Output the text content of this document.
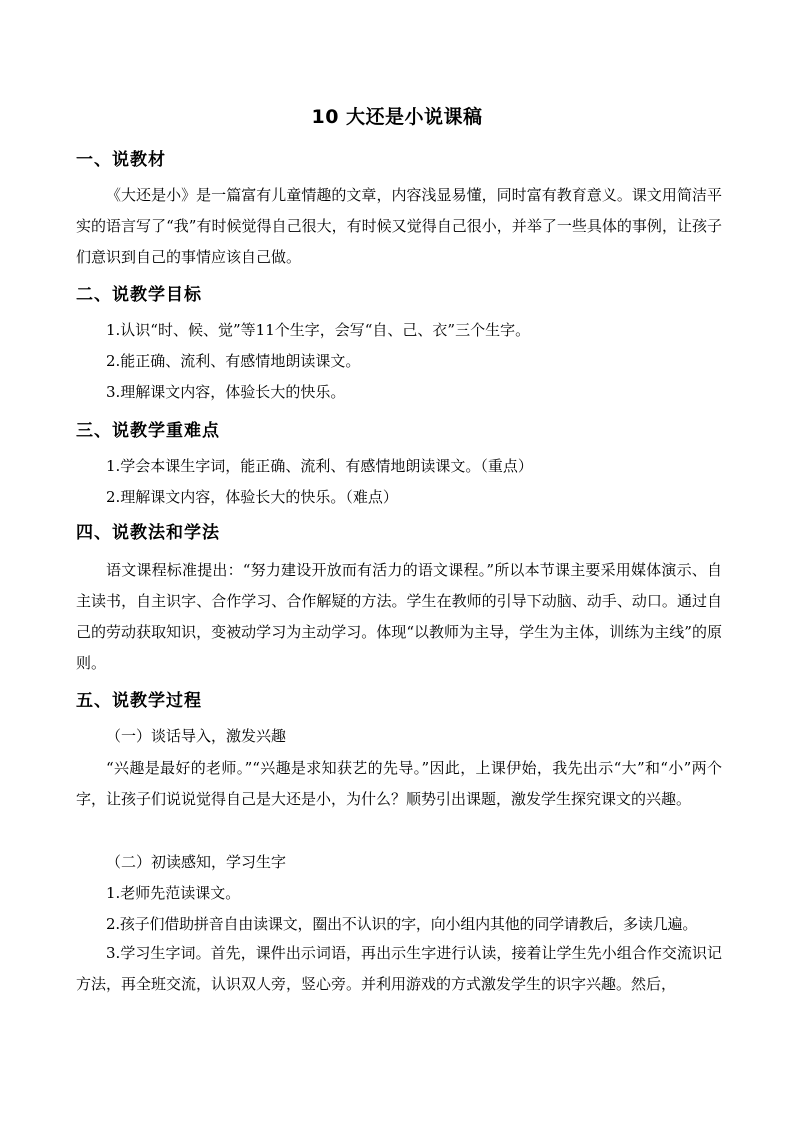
10 大还是小说课稿
一、说教材
《大还是小》是一篇富有儿童情趣的文章，内容浅显易懂，同时富有教育意义。课文用简洁平实的语言写了“我”有时候觉得自己很大，有时候又觉得自己很小，并举了一些具体的事例，让孩子们意识到自己的事情应该自己做。
二、说教学目标
1.认识“时、候、觉”等11个生字，会写“自、己、衣”三个生字。
2.能正确、流利、有感情地朗读课文。
3.理解课文内容，体验长大的快乐。
三、说教学重难点
1.学会本课生字词，能正确、流利、有感情地朗读课文。（重点）
2.理解课文内容，体验长大的快乐。（难点）
四、说教法和学法
语文课程标准提出：“努力建设开放而有活力的语文课程。”所以本节课主要采用媒体演示、自主读书，自主识字、合作学习、合作解疑的方法。学生在教师的引导下动脑、动手、动口。通过自己的劳动获取知识，变被动学习为主动学习。体现“以教师为主导，学生为主体，训练为主线”的原则。
五、说教学过程
（一）谈话导入，激发兴趣
“兴趣是最好的老师。”“兴趣是求知获艺的先导。”因此，上课伊始，我先出示“大”和“小”两个字，让孩子们说说觉得自己是大还是小，为什么？顺势引出课题，激发学生探究课文的兴趣。
（二）初读感知，学习生字
1.老师先范读课文。
2.孩子们借助拼音自由读课文，圈出不认识的字，向小组内其他的同学请教后，多读几遍。
3.学习生字词。首先，课件出示词语，再出示生字进行认读，接着让学生先小组合作交流识记方法，再全班交流，认识双人旁，竖心旁。并利用游戏的方式激发学生的识字兴趣。然后，
